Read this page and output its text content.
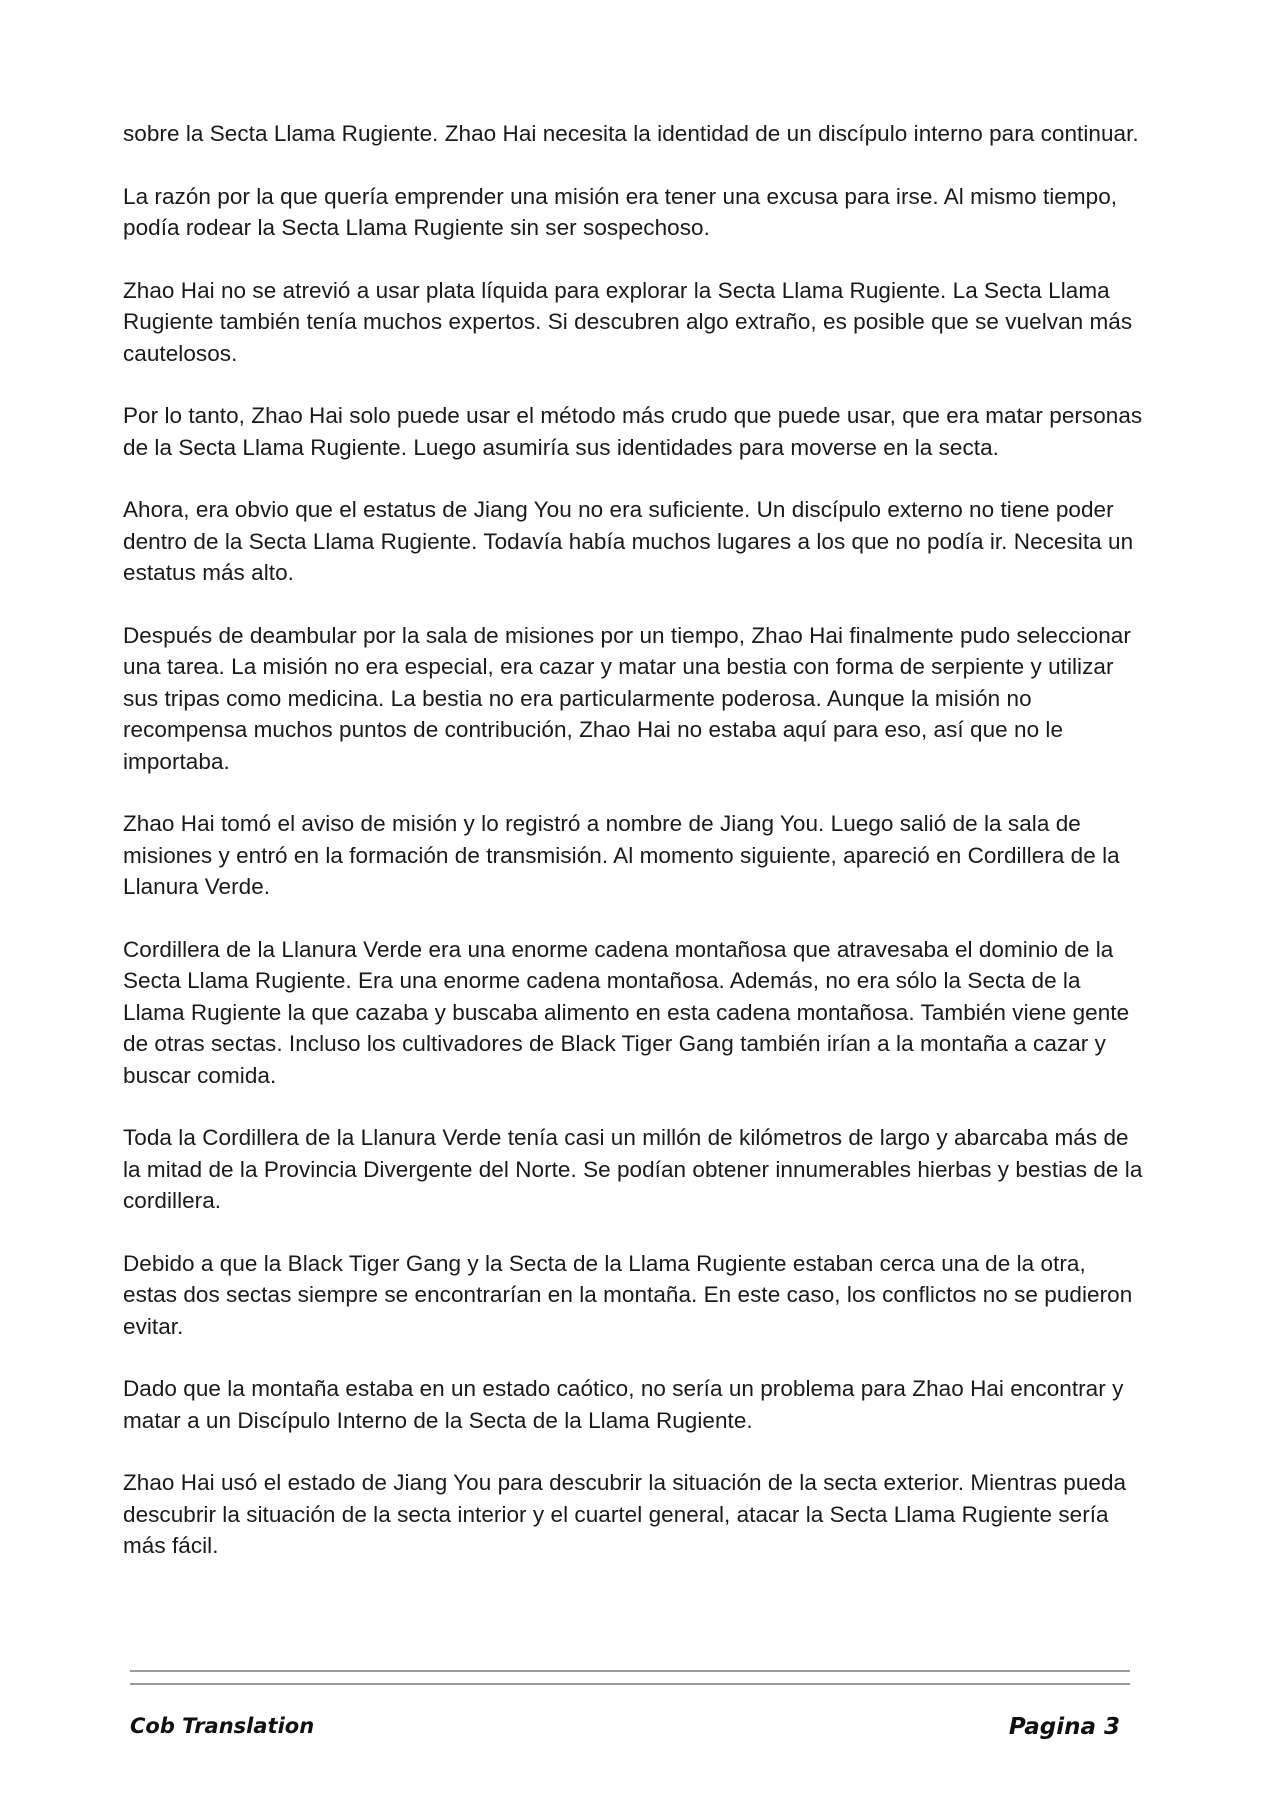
sobre la Secta Llama Rugiente. Zhao Hai necesita la identidad de un discípulo interno para continuar.

La razón por la que quería emprender una misión era tener una excusa para irse. Al mismo tiempo, podía rodear la Secta Llama Rugiente sin ser sospechoso.

Zhao Hai no se atrevió a usar plata líquida para explorar la Secta Llama Rugiente. La Secta Llama Rugiente también tenía muchos expertos. Si descubren algo extraño, es posible que se vuelvan más cautelosos.

Por lo tanto, Zhao Hai solo puede usar el método más crudo que puede usar, que era matar personas de la Secta Llama Rugiente. Luego asumiría sus identidades para moverse en la secta.

Ahora, era obvio que el estatus de Jiang You no era suficiente. Un discípulo externo no tiene poder dentro de la Secta Llama Rugiente. Todavía había muchos lugares a los que no podía ir. Necesita un estatus más alto.

Después de deambular por la sala de misiones por un tiempo, Zhao Hai finalmente pudo seleccionar una tarea. La misión no era especial, era cazar y matar una bestia con forma de serpiente y utilizar sus tripas como medicina. La bestia no era particularmente poderosa. Aunque la misión no recompensa muchos puntos de contribución, Zhao Hai no estaba aquí para eso, así que no le importaba.

Zhao Hai tomó el aviso de misión y lo registró a nombre de Jiang You. Luego salió de la sala de misiones y entró en la formación de transmisión. Al momento siguiente, apareció en Cordillera de la Llanura Verde.

Cordillera de la Llanura Verde era una enorme cadena montañosa que atravesaba el dominio de la Secta Llama Rugiente. Era una enorme cadena montañosa. Además, no era sólo la Secta de la Llama Rugiente la que cazaba y buscaba alimento en esta cadena montañosa. También viene gente de otras sectas. Incluso los cultivadores de Black Tiger Gang también irían a la montaña a cazar y buscar comida.

Toda la Cordillera de la Llanura Verde tenía casi un millón de kilómetros de largo y abarcaba más de la mitad de la Provincia Divergente del Norte. Se podían obtener innumerables hierbas y bestias de la cordillera.

Debido a que la Black Tiger Gang y la Secta de la Llama Rugiente estaban cerca una de la otra, estas dos sectas siempre se encontrarían en la montaña. En este caso, los conflictos no se pudieron evitar.

Dado que la montaña estaba en un estado caótico, no sería un problema para Zhao Hai encontrar y matar a un Discípulo Interno de la Secta de la Llama Rugiente.

Zhao Hai usó el estado de Jiang You para descubrir la situación de la secta exterior. Mientras pueda descubrir la situación de la secta interior y el cuartel general, atacar la Secta Llama Rugiente sería más fácil.

Cob Translation	Pagina 3
